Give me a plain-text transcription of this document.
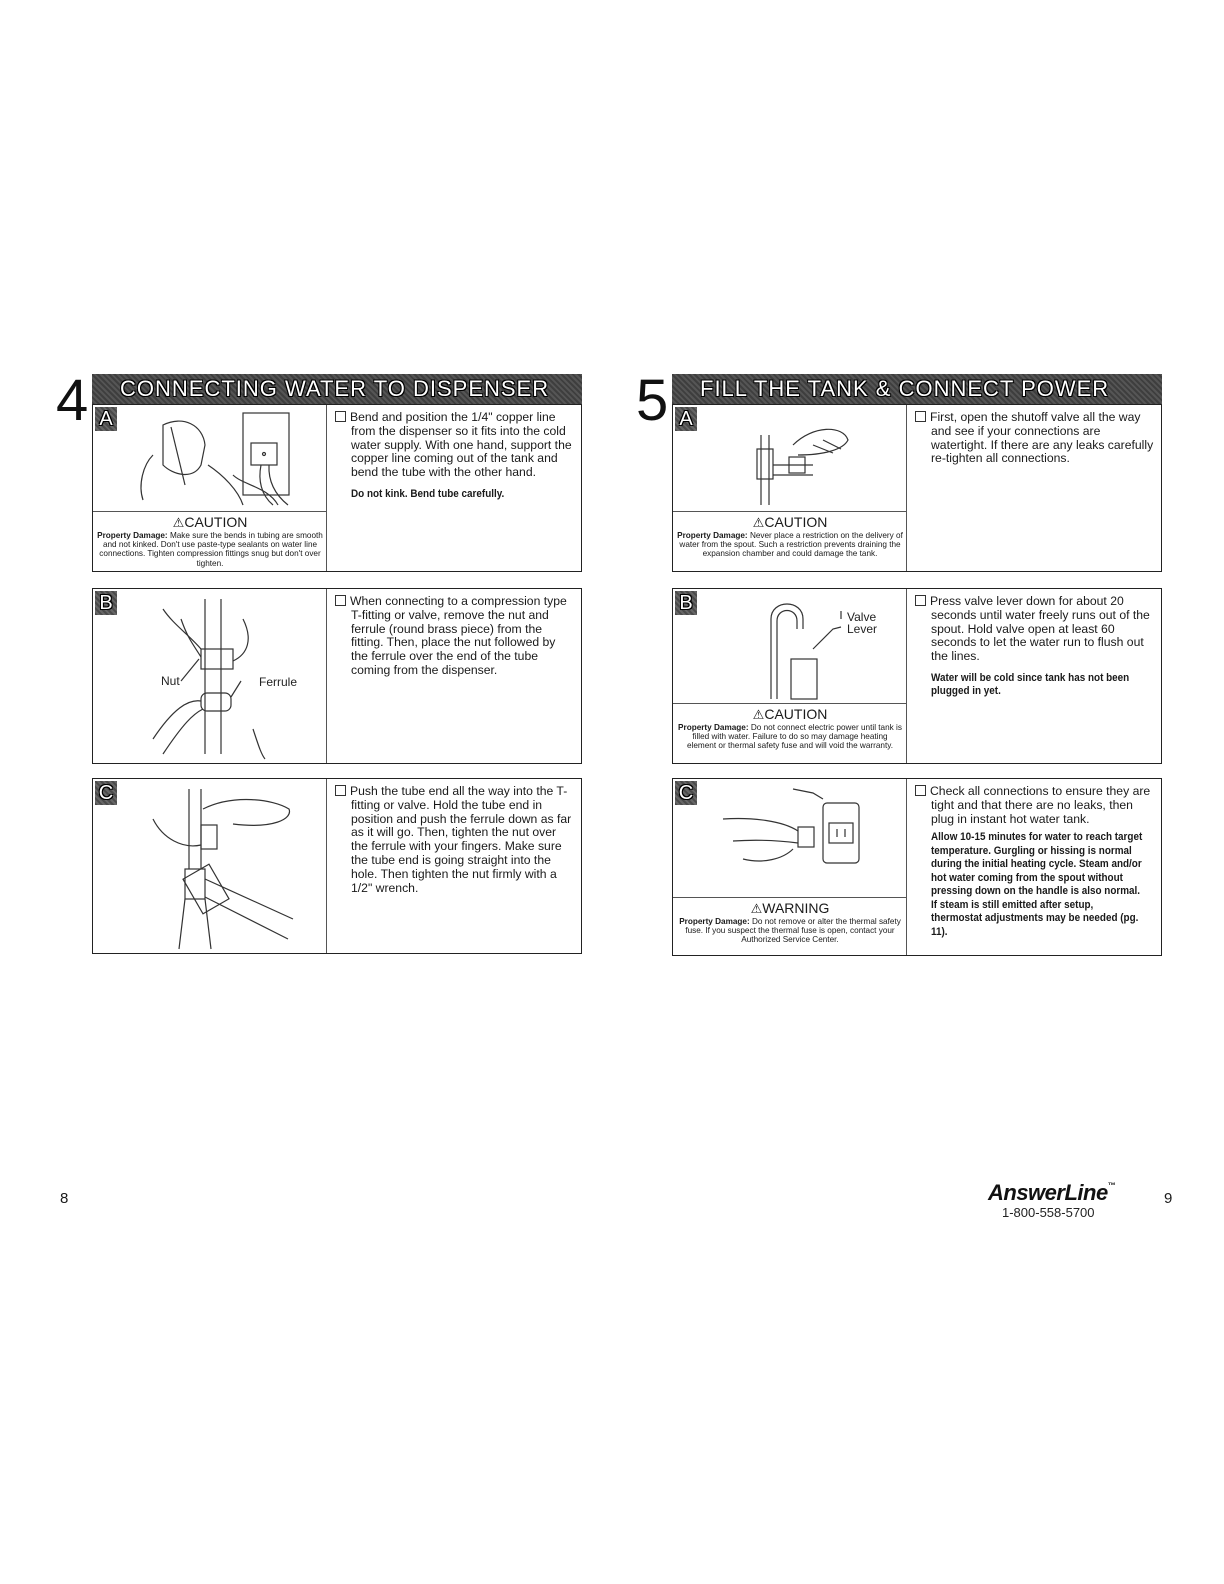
4	CONNECTING WATER TO DISPENSER
A
⚠CAUTION
Property Damage: Make sure the bends in tubing are smooth and not kinked. Don't use paste-type sealants on water line connections. Tighten compression fittings snug but don't over tighten.

Bend and position the 1/4" copper line from the dispenser so it fits into the cold water supply. With one hand, support the copper line coming out of the tank and bend the tube with the other hand.

Do not kink. Bend tube carefully.
B
Nut	Ferrule

When connecting to a compression type T-fitting or valve, remove the nut and ferrule (round brass piece) from the fitting. Then, place the nut followed by the ferrule over the end of the tube coming from the dispenser.

C	Push the tube end all the way into the T-fitting or valve. Hold the tube end in position and push the ferrule down as far as it will go. Then, tighten the nut over the ferrule with your fingers. Make sure the tube end is going straight into the hole. Then tighten the nut firmly with a 1/2" wrench.

5	FILL THE TANK & CONNECT POWER
A
⚠CAUTION
Property Damage: Never place a restriction on the delivery of water from the spout. Such a restriction prevents draining the expansion chamber and could damage the tank.

First, open the shutoff valve all the way and see if your connections are watertight. If there are any leaks carefully re-tighten all connections.

B
Valve
Lever
⚠CAUTION
Property Damage: Do not connect electric power until tank is filled with water. Failure to do so may damage heating element or thermal safety fuse and will void the warranty.

Press valve lever down for about 20 seconds until water freely runs out of the spout. Hold valve open at least 60 seconds to let the water run to flush out the lines.

Water will be cold since tank has not been plugged in yet.
C
⚠WARNING
Property Damage: Do not remove or alter the thermal safety fuse. If you suspect the thermal fuse is open, contact your Authorized Service Center.

Check all connections to ensure they are tight and that there are no leaks, then plug in instant hot water tank.

Allow 10-15 minutes for water to reach target temperature. Gurgling or hissing is normal during the initial heating cycle. Steam and/or hot water coming from the spout without pressing down on the handle is also normal. If steam is still emitted after setup, thermostat adjustments may be needed (pg. 11).
8	9
AnswerLine™
1-800-558-5700
